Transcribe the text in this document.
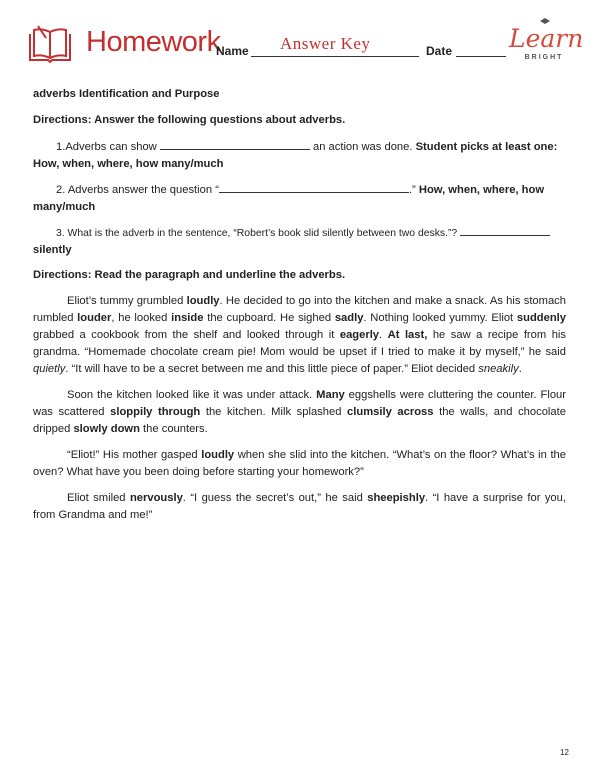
Homework
Name Answer Key	Date Learn
BRIGHT

adverbs Identification and Purpose

Directions: Answer the following questions about adverbs.

1.Adverbs can show	an action was done. Student picks at least one: How, when, where, how many/much

2. Adverbs answer the question “	.” How, when, where, how many/much

3. What is the adverb in the sentence, “Robert’s book slid silently between two desks.”?  silently

Directions: Read the paragraph and underline the adverbs.

Eliot’s tummy grumbled loudly. He decided to go into the kitchen and make a snack. As his stomach rumbled louder, he looked inside the cupboard. He sighed sadly. Nothing looked yummy. Eliot suddenly grabbed a cookbook from the shelf and looked through it eagerly. At last, he saw a recipe from his grandma. “Homemade chocolate cream pie! Mom would be upset if I tried to make it by myself,” he said quietly. “It will have to be a secret between me and this little piece of paper.” Eliot decided sneakily.

Soon the kitchen looked like it was under attack. Many eggshells were cluttering the counter. Flour was scattered sloppily through the kitchen. Milk splashed clumsily across the walls, and chocolate dripped slowly down the counters.

“Eliot!” His mother gasped loudly when she slid into the kitchen. “What’s on the floor? What’s in the oven? What have you been doing before starting your homework?”

Eliot smiled nervously. “I guess the secret’s out,” he said sheepishly. “I have a surprise for you, from Grandma and me!”

12
